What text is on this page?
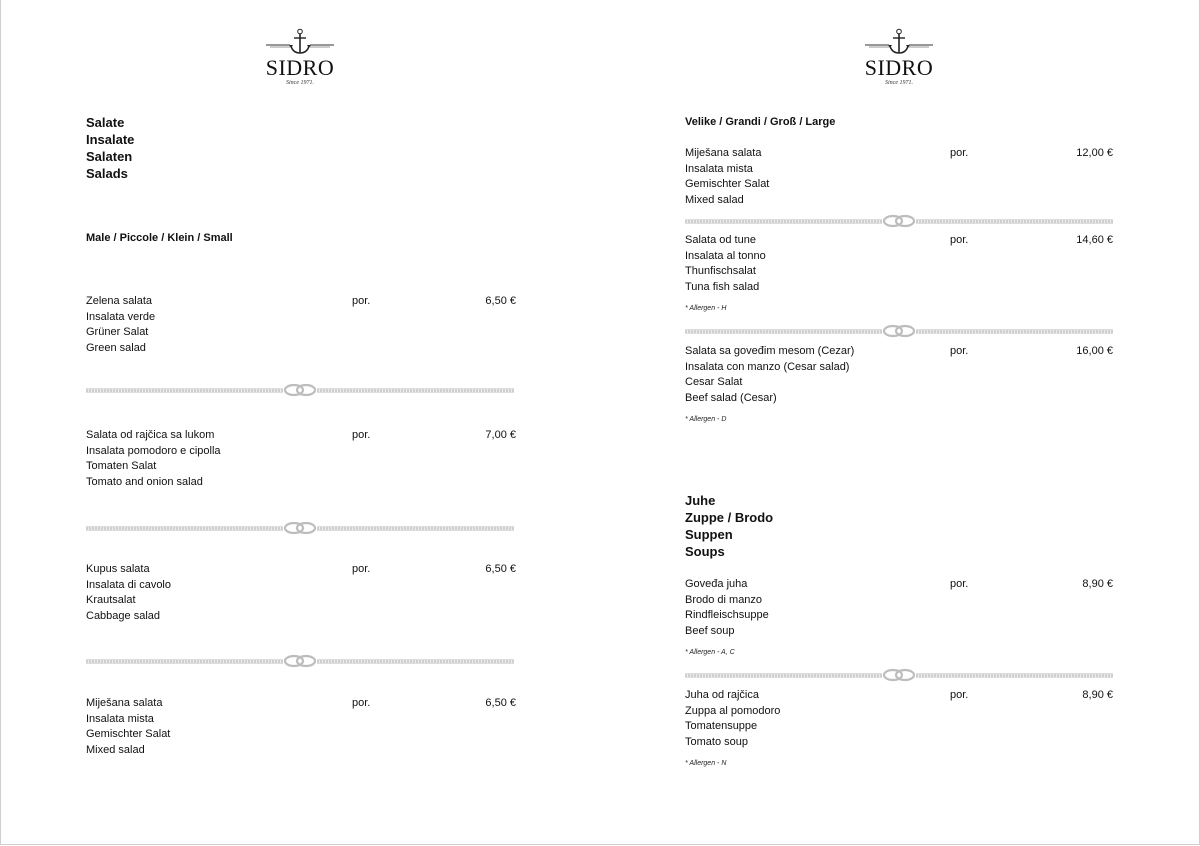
SIDRO
Since 1971.
Salate
Insalate
Salaten
Salads
Male / Piccole / Klein / Small
Zelena salata
Insalata verde
Grüner Salat
Green salad
por.	6,50 €
Salata od rajčica sa lukom
Insalata pomodoro e cipolla
Tomaten Salat
Tomato and onion salad
por.	7,00 €
Kupus salata
Insalata di cavolo
Krautsalat
Cabbage salad
por.	6,50 €
Miješana salata
Insalata mista
Gemischter Salat
Mixed salad
por.	6,50 €
SIDRO
Since 1971.
Velike / Grandi / Groß / Large
Miješana salata
Insalata mista
Gemischter Salat
Mixed salad
por.	12,00 €
Salata od tune
Insalata al tonno
Thunfischsalat
Tuna fish salad
por.	14,60 €
* Allergen - H
Salata sa goveđim mesom (Cezar)
Insalata con manzo (Cesar salad)
Cesar Salat
Beef salad (Cesar)
por.	16,00 €
* Allergen - D
Juhe
Zuppe / Brodo
Suppen
Soups
Goveđa juha
Brodo di manzo
Rindfleischsuppe
Beef soup
por.	8,90 €
* Allergen - A, C
Juha od rajčica
Zuppa al pomodoro
Tomatensuppe
Tomato soup
por.	8,90 €
* Allergen - N
